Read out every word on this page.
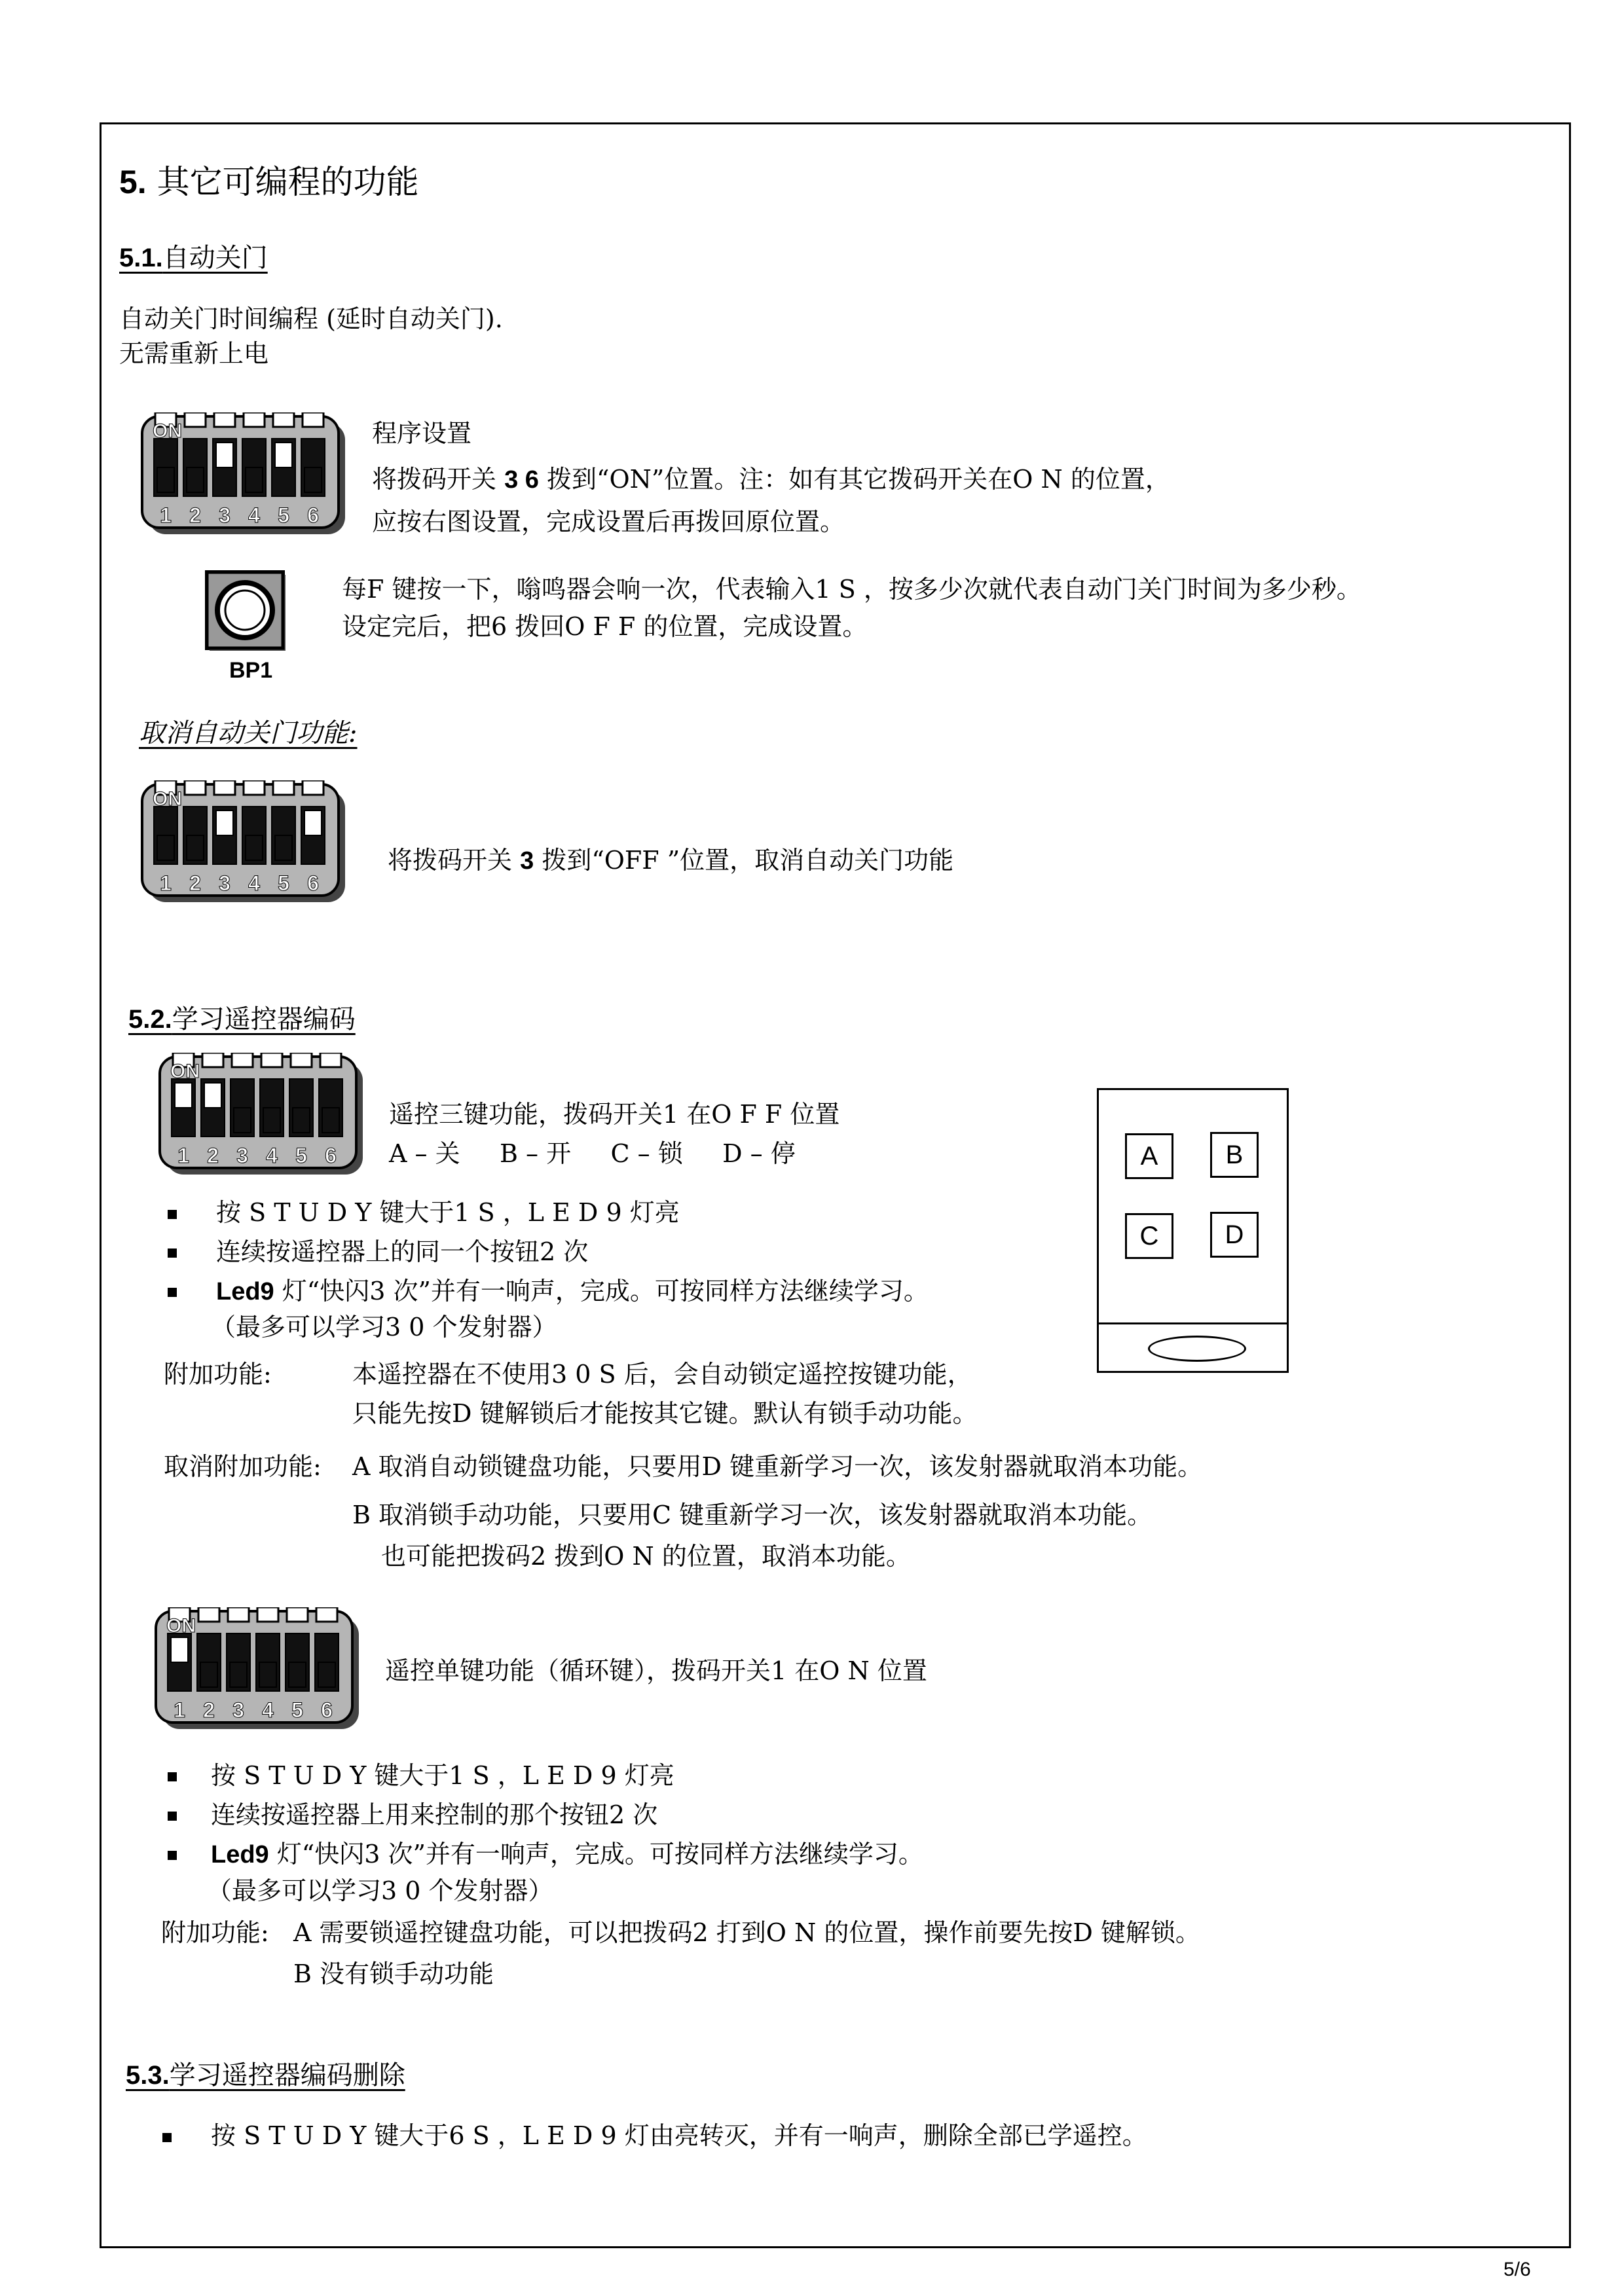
5. 其它可编程的功能
5.1.自动关门
自动关门时间编程 (延时自动关门).
无需重新上电
1 2 3 4 5 6
ON	程序设置
将拨码开关 3 6 拨到“ON”位置。注：如有其它拨码开关在O N 的位置，
应按右图设置，完成设置后再拨回原位置。
BP1
每F 键按一下，嗡鸣器会响一次，代表输入1 S ，按多少次就代表自动门关门时间为多少秒。
设定完后，把6 拨回O F F 的位置，完成设置。
取消自动关门功能:
1 2 3 4 5 6
ON
将拨码开关 3 拨到“OFF ”位置，取消自动关门功能
5.2.学习遥控器编码
1 2 3 4 5 6
ON
遥控三键功能，拨码开关1 在O F F 位置
A – 关     B – 开     C – 锁     D – 停
按 S T U D Y 键大于1 S ，L E D 9 灯亮
连续按遥控器上的同一个按钮2 次
Led9 灯“快闪3 次”并有一响声，完成。可按同样方法继续学习。
（最多可以学习3 0 个发射器）
附加功能:	本遥控器在不使用3 0 S 后，会自动锁定遥控按键功能，
只能先按D 键解锁后才能按其它键。默认有锁手动功能。
取消附加功能: A 取消自动锁键盘功能，只要用D 键重新学习一次，该发射器就取消本功能。
B 取消锁手动功能，只要用C 键重新学习一次，该发射器就取消本功能。
也可能把拨码2 拨到O N 的位置，取消本功能。
A	B
C	D
1 2 3 4 5 6
ON
遥控单键功能（循环键），拨码开关1 在O N 位置
按 S T U D Y 键大于1 S ，L E D 9 灯亮
连续按遥控器上用来控制的那个按钮2 次
Led9 灯“快闪3 次”并有一响声，完成。可按同样方法继续学习。
（最多可以学习3 0 个发射器）
附加功能: A 需要锁遥控键盘功能，可以把拨码2 打到O N 的位置，操作前要先按D 键解锁。
B 没有锁手动功能
5.3.学习遥控器编码删除
按 S T U D Y 键大于6 S ，L E D 9 灯由亮转灭，并有一响声，删除全部已学遥控。
5/6
